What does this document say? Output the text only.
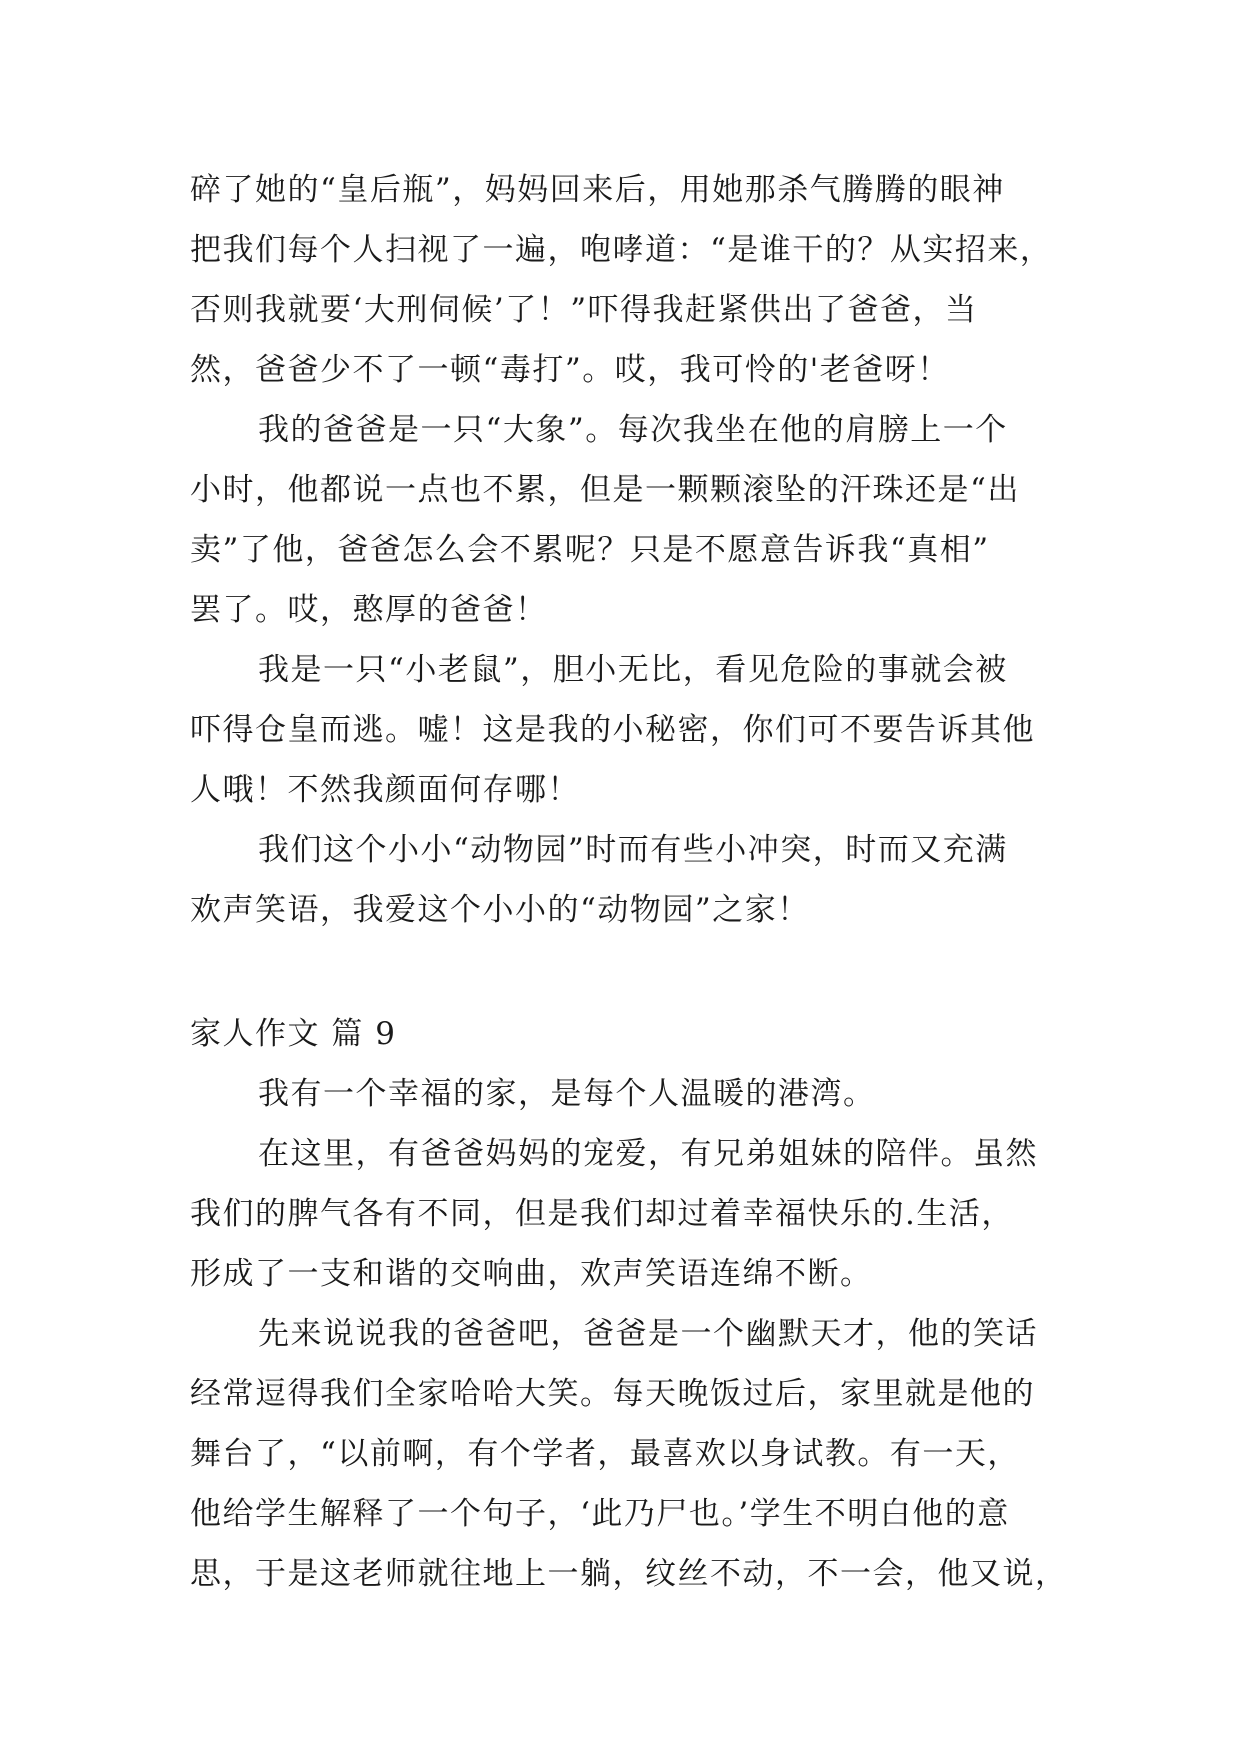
碎了她的“皇后瓶”，妈妈回来后，用她那杀气腾腾的眼神
把我们每个人扫视了一遍，咆哮道：“是谁干的？从实招来，
否则我就要‘大刑伺候’了！”吓得我赶紧供出了爸爸，当
然，爸爸少不了一顿“毒打”。哎，我可怜的'老爸呀！
我的爸爸是一只“大象”。每次我坐在他的肩膀上一个
小时，他都说一点也不累，但是一颗颗滚坠的汗珠还是“出
卖”了他，爸爸怎么会不累呢？只是不愿意告诉我“真相”
罢了。哎，憨厚的爸爸！
我是一只“小老鼠”，胆小无比，看见危险的事就会被
吓得仓皇而逃。嘘！这是我的小秘密，你们可不要告诉其他
人哦！不然我颜面何存哪！
我们这个小小“动物园”时而有些小冲突，时而又充满
欢声笑语，我爱这个小小的“动物园”之家！
家人作文 篇 9
我有一个幸福的家，是每个人温暖的港湾。
在这里，有爸爸妈妈的宠爱，有兄弟姐妹的陪伴。虽然
我们的脾气各有不同，但是我们却过着幸福快乐的.生活，
形成了一支和谐的交响曲，欢声笑语连绵不断。
先来说说我的爸爸吧，爸爸是一个幽默天才，他的笑话
经常逗得我们全家哈哈大笑。每天晚饭过后，家里就是他的
舞台了，“以前啊，有个学者，最喜欢以身试教。有一天，
他给学生解释了一个句子，‘此乃尸也。’学生不明白他的意
思，于是这老师就往地上一躺，纹丝不动，不一会，他又说，
